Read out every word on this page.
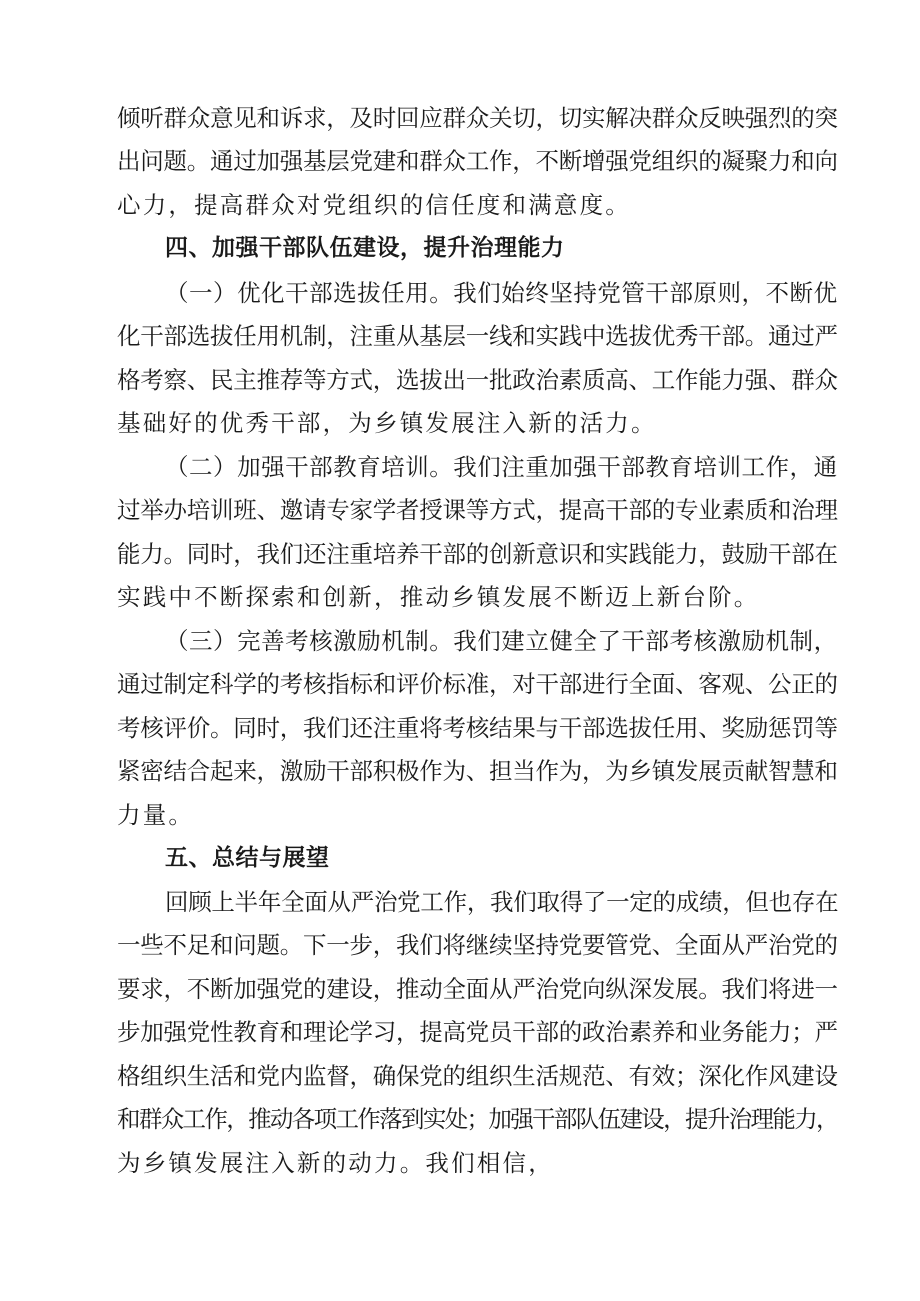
倾听群众意见和诉求，及时回应群众关切，切实解决群众反映强烈的突
出问题。通过加强基层党建和群众工作，不断增强党组织的凝聚力和向
心力，提高群众对党组织的信任度和满意度。
四、加强干部队伍建设，提升治理能力
（一）优化干部选拔任用。我们始终坚持党管干部原则，不断优
化干部选拔任用机制，注重从基层一线和实践中选拔优秀干部。通过严
格考察、民主推荐等方式，选拔出一批政治素质高、工作能力强、群众
基础好的优秀干部，为乡镇发展注入新的活力。
（二）加强干部教育培训。我们注重加强干部教育培训工作，通
过举办培训班、邀请专家学者授课等方式，提高干部的专业素质和治理
能力。同时，我们还注重培养干部的创新意识和实践能力，鼓励干部在
实践中不断探索和创新，推动乡镇发展不断迈上新台阶。
（三）完善考核激励机制。我们建立健全了干部考核激励机制，
通过制定科学的考核指标和评价标准，对干部进行全面、客观、公正的
考核评价。同时，我们还注重将考核结果与干部选拔任用、奖励惩罚等
紧密结合起来，激励干部积极作为、担当作为，为乡镇发展贡献智慧和
力量。
五、总结与展望
回顾上半年全面从严治党工作，我们取得了一定的成绩，但也存在
一些不足和问题。下一步，我们将继续坚持党要管党、全面从严治党的
要求，不断加强党的建设，推动全面从严治党向纵深发展。我们将进一
步加强党性教育和理论学习，提高党员干部的政治素养和业务能力；严
格组织生活和党内监督，确保党的组织生活规范、有效；深化作风建设
和群众工作，推动各项工作落到实处；加强干部队伍建设，提升治理能力，
为乡镇发展注入新的动力。我们相信，
